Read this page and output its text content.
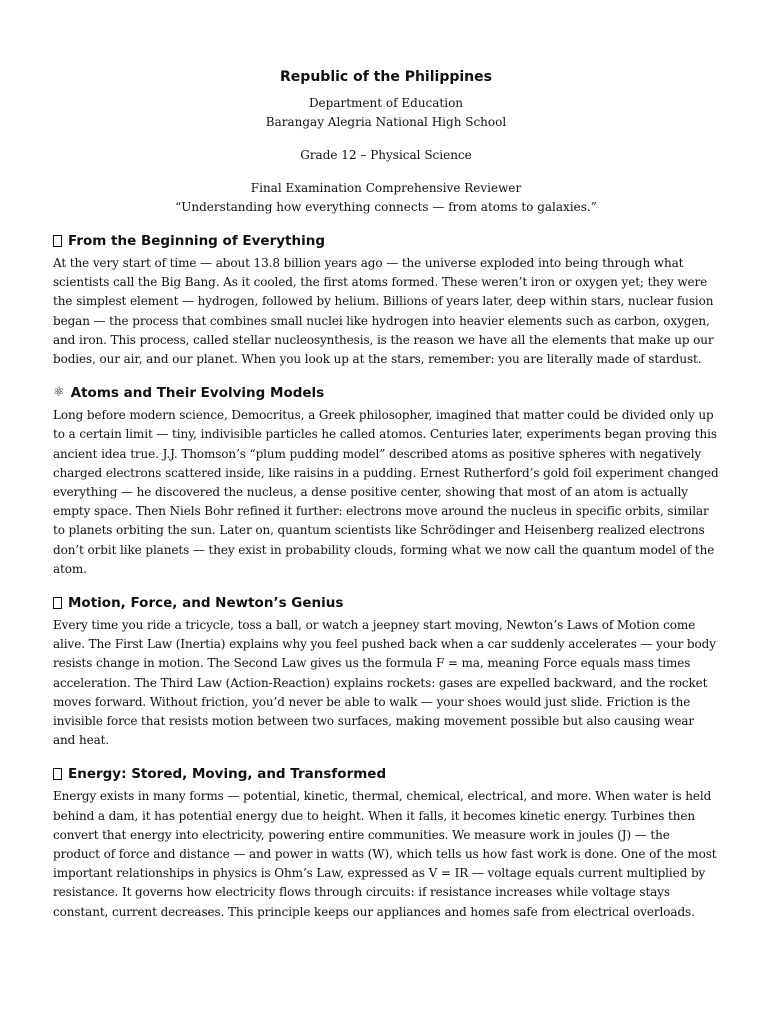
Republic of the Philippines

Department of Education

Barangay Alegria National High School

Grade 12 – Physical Science

Final Examination Comprehensive Reviewer

“Understanding how everything connects — from atoms to galaxies.”

From the Beginning of Everything

At the very start of time — about 13.8 billion years ago — the universe exploded into being through what scientists call the Big Bang. As it cooled, the first atoms formed. These weren’t iron or oxygen yet; they were the simplest element — hydrogen, followed by helium. Billions of years later, deep within stars, nuclear fusion began — the process that combines small nuclei like hydrogen into heavier elements such as carbon, oxygen, and iron. This process, called stellar nucleosynthesis, is the reason we have all the elements that make up our bodies, our air, and our planet. When you look up at the stars, remember: you are literally made of stardust.

⚛ Atoms and Their Evolving Models

Long before modern science, Democritus, a Greek philosopher, imagined that matter could be divided only up to a certain limit — tiny, indivisible particles he called atomos. Centuries later, experiments began proving this ancient idea true. J.J. Thomson’s “plum pudding model” described atoms as positive spheres with negatively charged electrons scattered inside, like raisins in a pudding. Ernest Rutherford’s gold foil experiment changed everything — he discovered the nucleus, a dense positive center, showing that most of an atom is actually empty space. Then Niels Bohr refined it further: electrons move around the nucleus in specific orbits, similar to planets orbiting the sun. Later on, quantum scientists like Schrödinger and Heisenberg realized electrons don’t orbit like planets — they exist in probability clouds, forming what we now call the quantum model of the atom.

Motion, Force, and Newton’s Genius

Every time you ride a tricycle, toss a ball, or watch a jeepney start moving, Newton’s Laws of Motion come alive. The First Law (Inertia) explains why you feel pushed back when a car suddenly accelerates — your body resists change in motion. The Second Law gives us the formula F = ma, meaning Force equals mass times acceleration. The Third Law (Action-Reaction) explains rockets: gases are expelled backward, and the rocket moves forward. Without friction, you’d never be able to walk — your shoes would just slide. Friction is the invisible force that resists motion between two surfaces, making movement possible but also causing wear and heat.

Energy: Stored, Moving, and Transformed

Energy exists in many forms — potential, kinetic, thermal, chemical, electrical, and more. When water is held behind a dam, it has potential energy due to height. When it falls, it becomes kinetic energy. Turbines then convert that energy into electricity, powering entire communities. We measure work in joules (J) — the product of force and distance — and power in watts (W), which tells us how fast work is done. One of the most important relationships in physics is Ohm’s Law, expressed as V = IR — voltage equals current multiplied by resistance. It governs how electricity flows through circuits: if resistance increases while voltage stays constant, current decreases. This principle keeps our appliances and homes safe from electrical overloads.
